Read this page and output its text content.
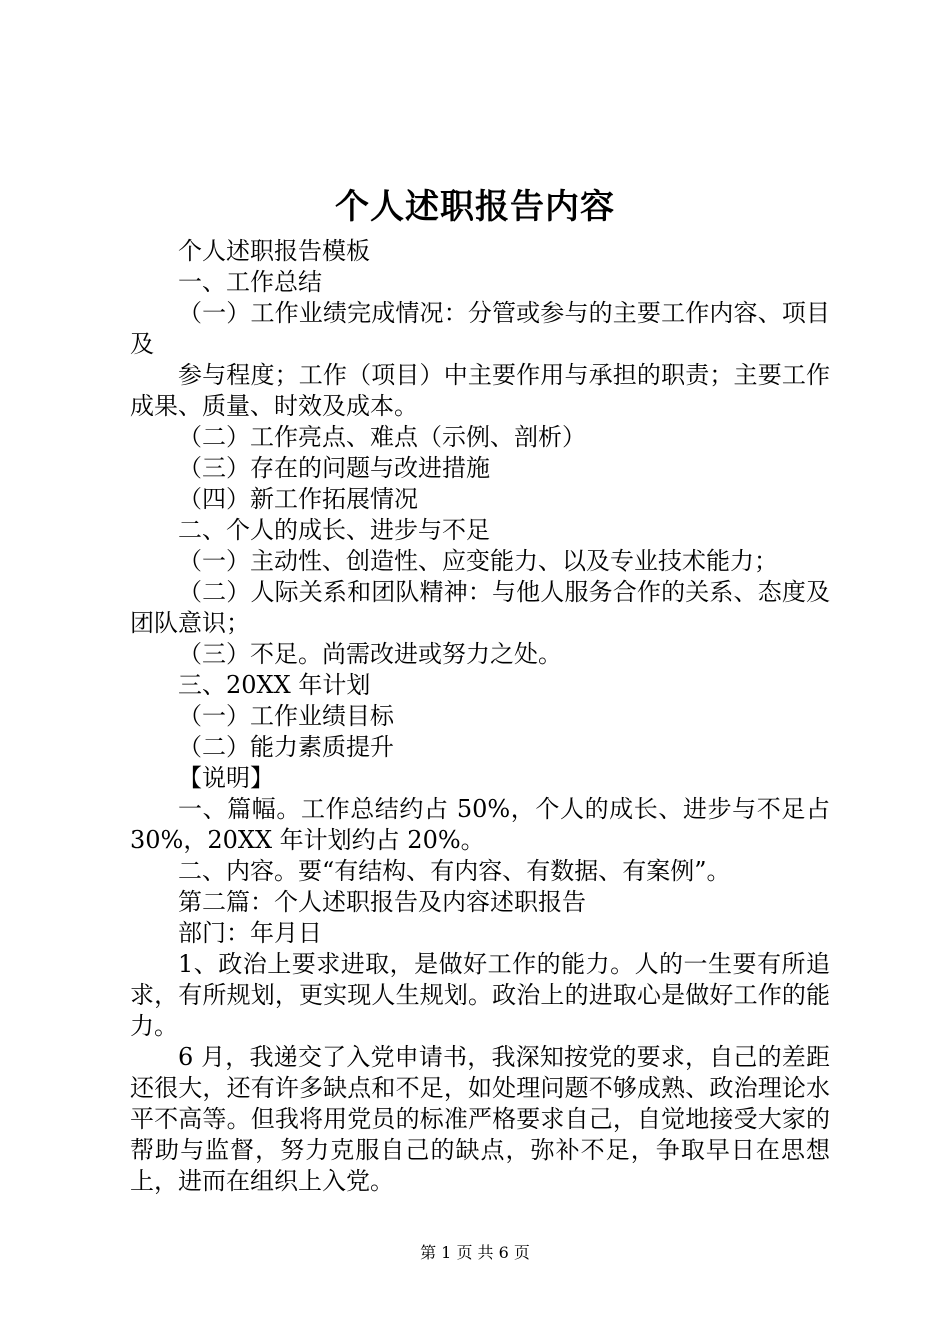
个人述职报告内容

个人述职报告模板

一、工作总结

（一）工作业绩完成情况：分管或参与的主要工作内容、项目及

参与程度；工作（项目）中主要作用与承担的职责；主要工作成果、质量、时效及成本。

（二）工作亮点、难点（示例、剖析）

（三）存在的问题与改进措施

（四）新工作拓展情况

二、个人的成长、进步与不足

（一）主动性、创造性、应变能力、以及专业技术能力；

（二）人际关系和团队精神：与他人服务合作的关系、态度及团队意识；

（三）不足。尚需改进或努力之处。

三、20XX 年计划

（一）工作业绩目标

（二）能力素质提升

【说明】

一、篇幅。工作总结约占 50%，个人的成长、进步与不足占 30%，20XX 年计划约占 20%。

二、内容。要“有结构、有内容、有数据、有案例”。

第二篇：个人述职报告及内容述职报告

部门：年月日

1、政治上要求进取，是做好工作的能力。人的一生要有所追求，有所规划，更实现人生规划。政治上的进取心是做好工作的能力。

6 月，我递交了入党申请书，我深知按党的要求，自己的差距还很大，还有许多缺点和不足，如处理问题不够成熟、政治理论水平不高等。但我将用党员的标准严格要求自己，自觉地接受大家的帮助与监督，努力克服自己的缺点，弥补不足，争取早日在思想上，进而在组织上入党。

第 1 页 共 6 页
